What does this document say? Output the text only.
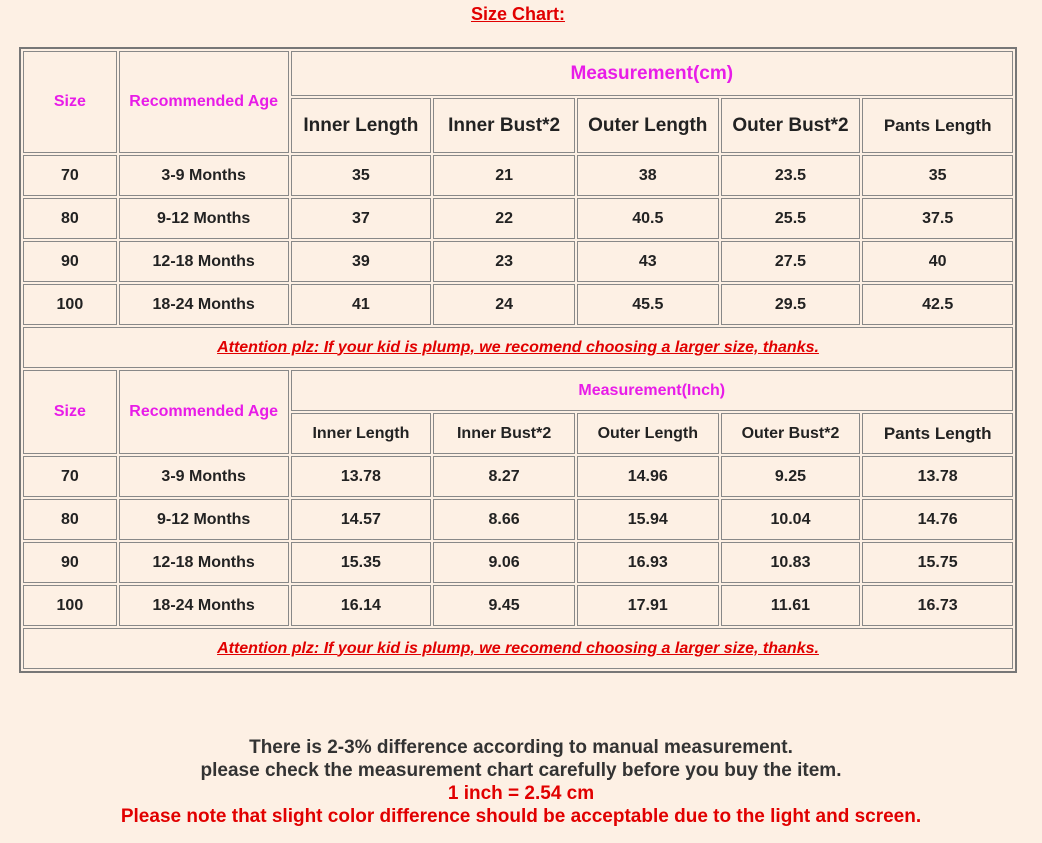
Size Chart:
Size	Recommended Age	Measurement(cm)				
		Inner Length	Inner Bust*2	Outer Length	Outer Bust*2	Pants Length
70	3-9 Months	35	21	38	23.5	35
80	9-12 Months	37	22	40.5	25.5	37.5
90	12-18 Months	39	23	43	27.5	40
100	18-24 Months	41	24	45.5	29.5	42.5
Attention plz: If your kid is plump, we recomend choosing a larger size, thanks.						
Size	Recommended Age	Measurement(Inch)				
		Inner Length	Inner Bust*2	Outer Length	Outer Bust*2	Pants Length
70	3-9 Months	13.78	8.27	14.96	9.25	13.78
80	9-12 Months	14.57	8.66	15.94	10.04	14.76
90	12-18 Months	15.35	9.06	16.93	10.83	15.75
100	18-24 Months	16.14	9.45	17.91	11.61	16.73
Attention plz: If your kid is plump, we recomend choosing a larger size, thanks.						
There is 2-3% difference according to manual measurement.
please check the measurement chart carefully before you buy the item.
1 inch = 2.54 cm
Please note that slight color difference should be acceptable due to the light and screen.
